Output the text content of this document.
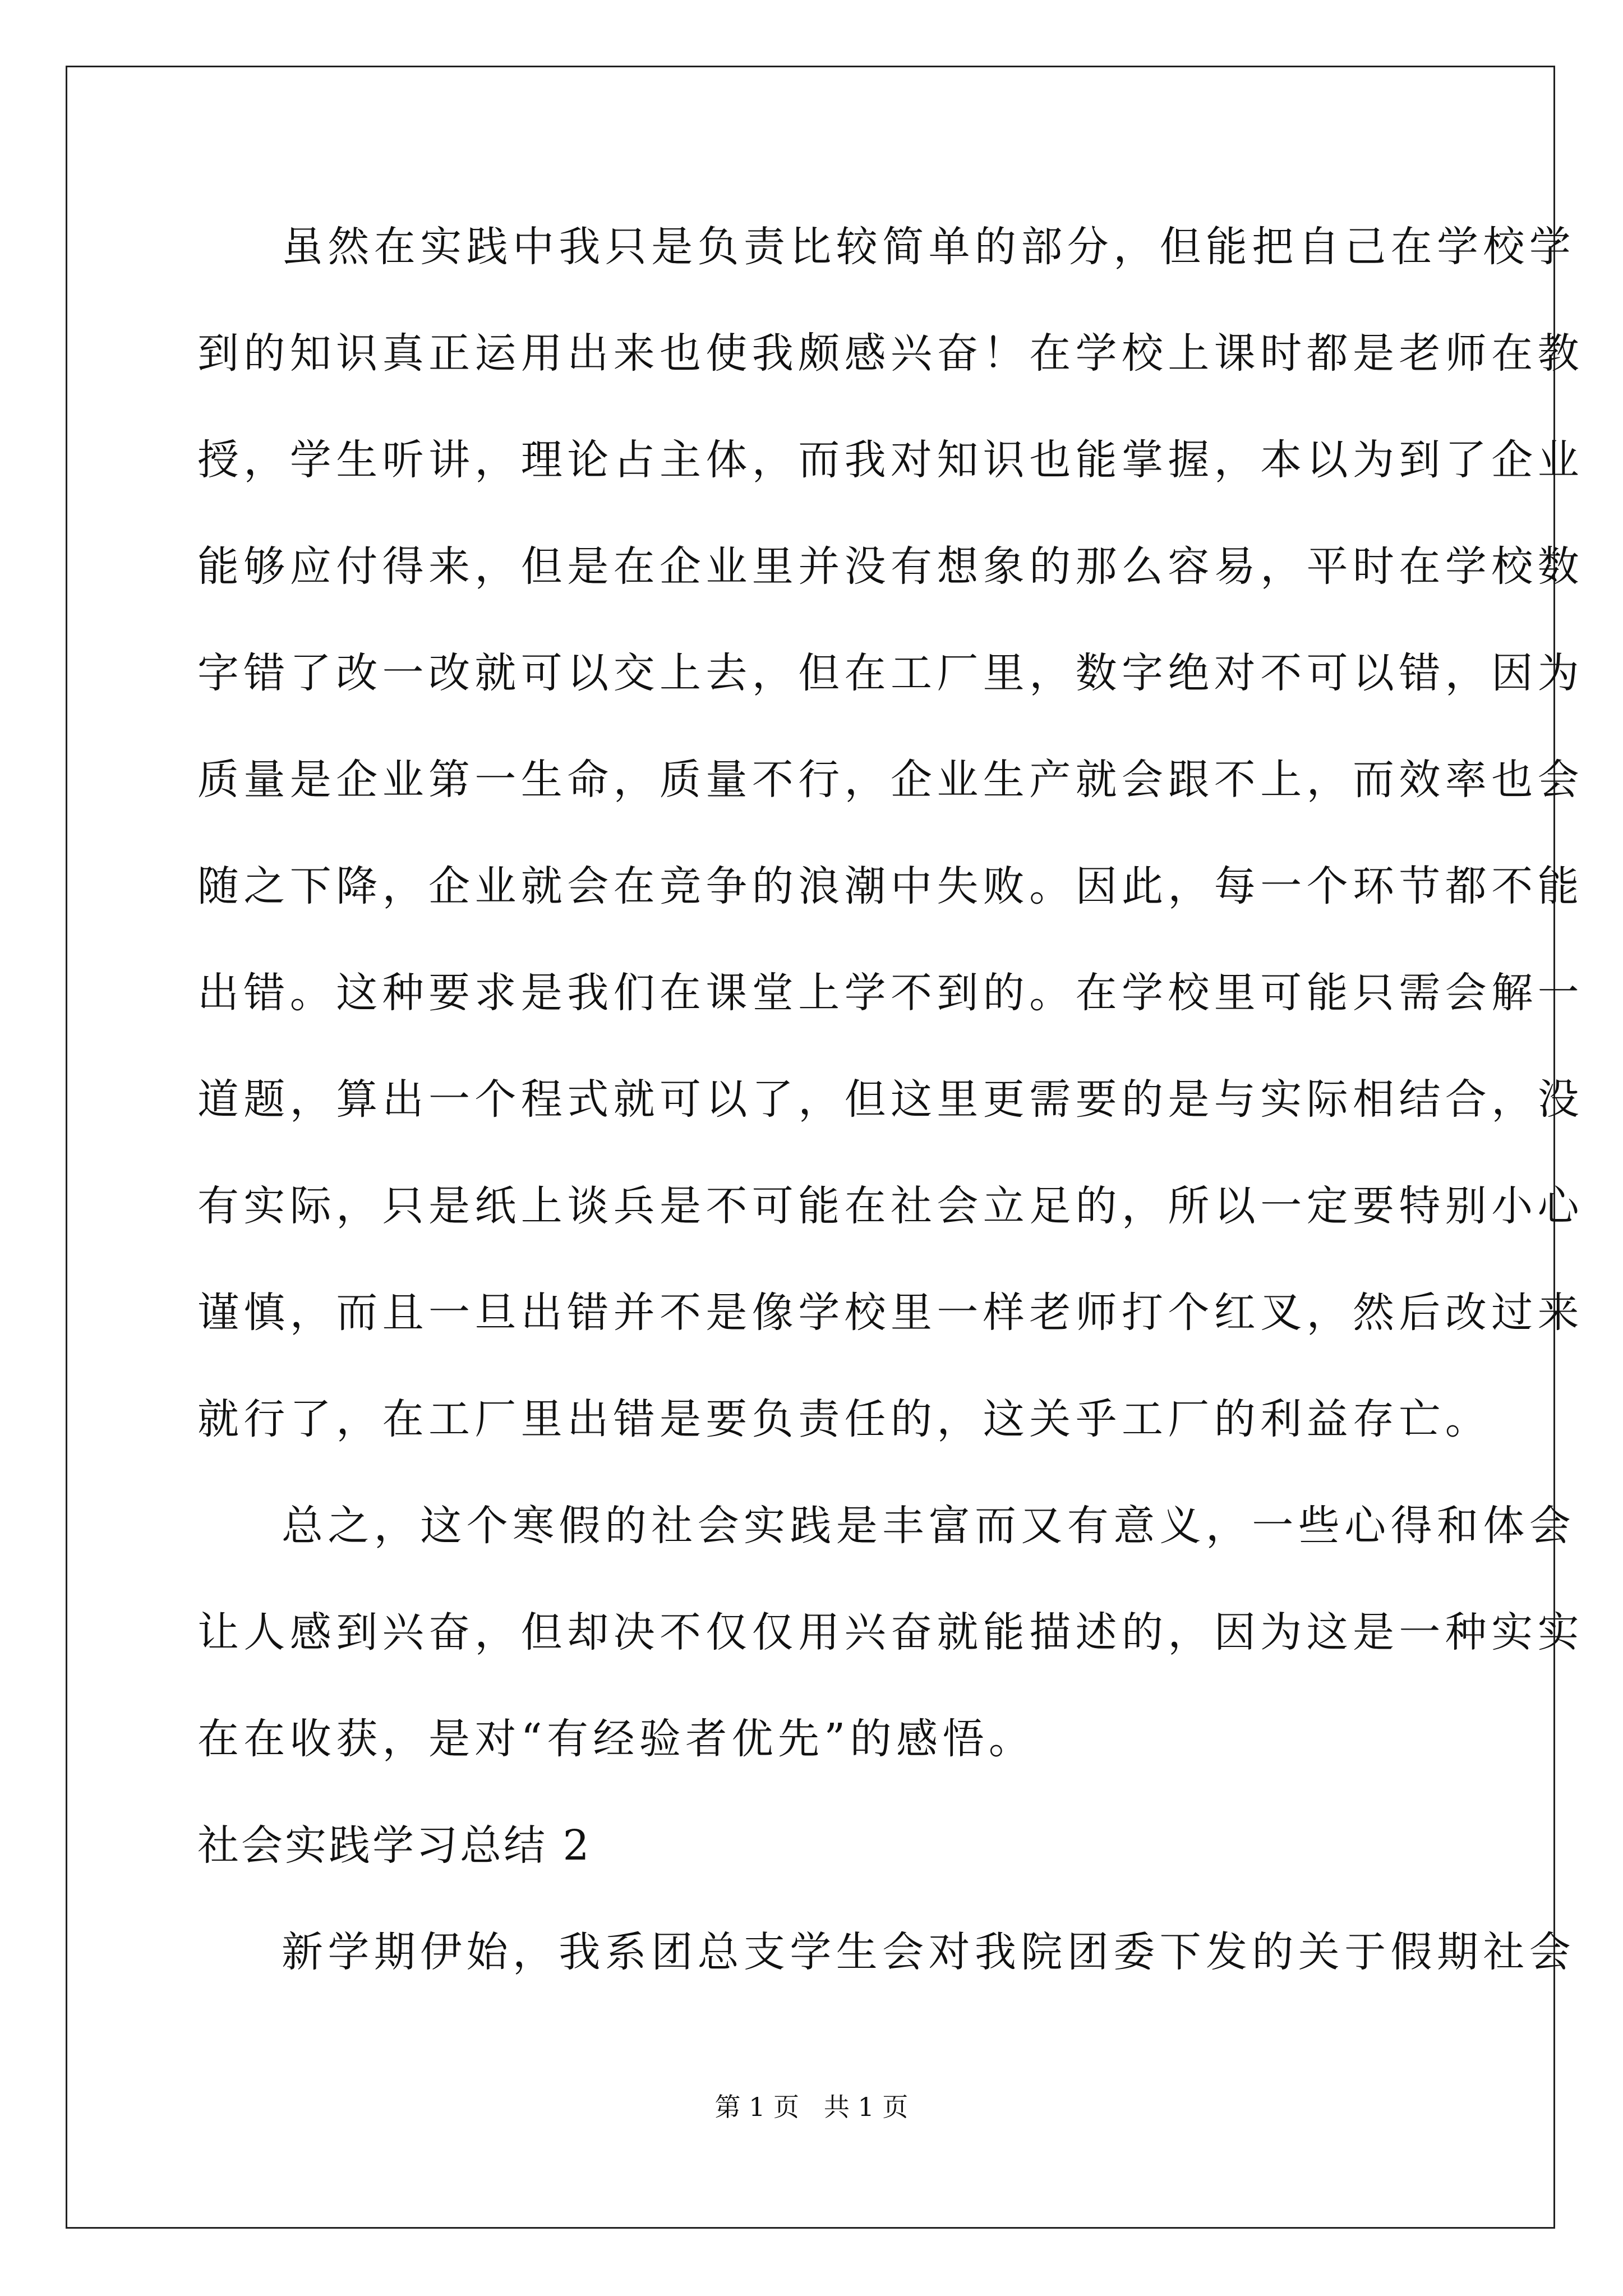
虽然在实践中我只是负责比较简单的部分，但能把自己在学校学
到的知识真正运用出来也使我颇感兴奋！在学校上课时都是老师在教
授，学生听讲，理论占主体，而我对知识也能掌握，本以为到了企业
能够应付得来，但是在企业里并没有想象的那么容易，平时在学校数
字错了改一改就可以交上去，但在工厂里，数字绝对不可以错，因为
质量是企业第一生命，质量不行，企业生产就会跟不上，而效率也会
随之下降，企业就会在竞争的浪潮中失败。因此，每一个环节都不能
出错。这种要求是我们在课堂上学不到的。在学校里可能只需会解一
道题，算出一个程式就可以了，但这里更需要的是与实际相结合，没
有实际，只是纸上谈兵是不可能在社会立足的，所以一定要特别小心
谨慎，而且一旦出错并不是像学校里一样老师打个红叉，然后改过来
就行了，在工厂里出错是要负责任的，这关乎工厂的利益存亡。
总之，这个寒假的社会实践是丰富而又有意义，一些心得和体会
让人感到兴奋，但却决不仅仅用兴奋就能描述的，因为这是一种实实
在在收获，是对“有经验者优先”的感悟。
社会实践学习总结 2
新学期伊始，我系团总支学生会对我院团委下发的关于假期社会
第 1 页   共 1 页
